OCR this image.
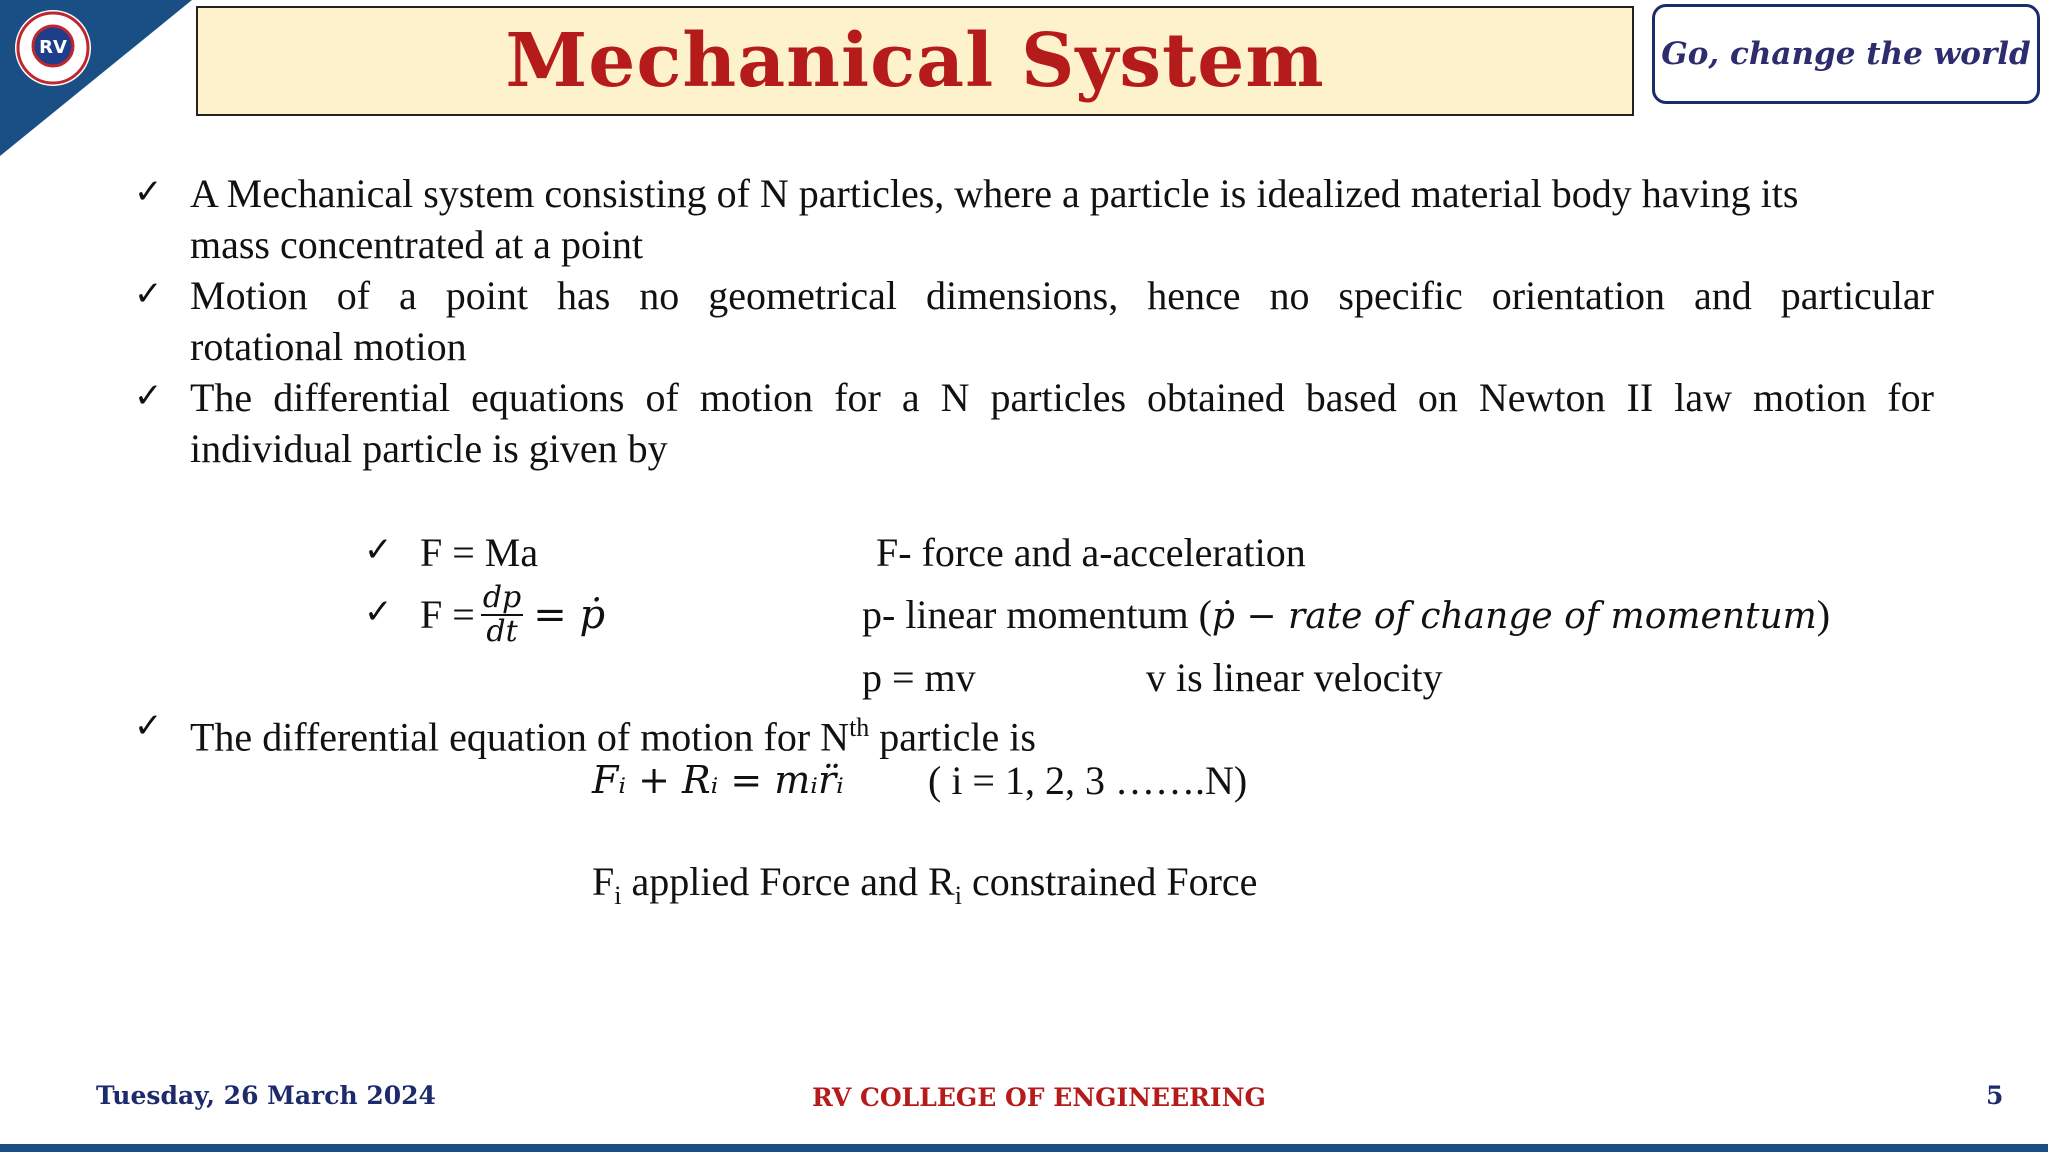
RV	Mechanical System	Go, change the world
✓ A Mechanical system consisting of N particles, where a particle is idealized material body having its
mass concentrated at a point
✓ Motion of a point has no geometrical dimensions, hence no specific orientation and particular
rotational motion
✓ The differential equations of motion for a N particles obtained based on Newton II law motion for
individual particle is given by
✓ F = Ma	F- force and a-acceleration
✓ $F = \frac{dp}{dt}$ = ṗ	p- linear momentum (ṗ − rate of change of momentum)
p = mv	v is linear velocity
✓ The differential equation of motion for $N^{th}$ particle is
Fᵢ + Rᵢ = mᵢr̈ᵢ ( i = 1, 2, 3 …….N)
$F_i$ applied Force and $R_i$ constrained Force
Tuesday, 26 March 2024	RV COLLEGE OF ENGINEERING	5
